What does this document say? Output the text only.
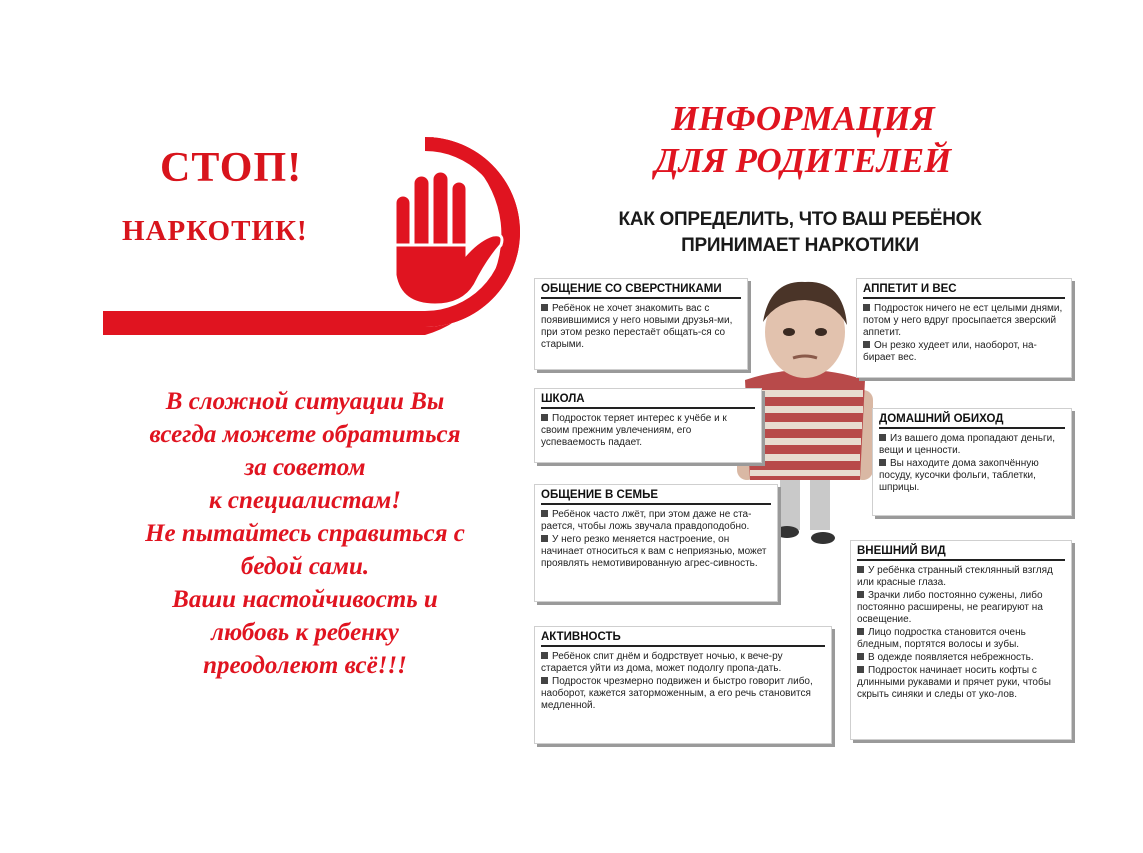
СТОП!
НАРКОТИК!

В сложной ситуации Вы
всегда можете обратиться
за советом
к специалистам!
Не пытайтесь справиться с
бедой сами.
Ваши настойчивость и
любовь к ребенку
преодолеют всё!!!

ИНФОРМАЦИЯ
ДЛЯ РОДИТЕЛЕЙ
КАК ОПРЕДЕЛИТЬ, ЧТО ВАШ РЕБЁНОК
ПРИНИМАЕТ НАРКОТИКИ
ОБЩЕНИЕ СО СВЕРСТНИКАМИ

Ребёнок не хочет знакомить вас с появившимися у него новыми друзья-ми, при этом резко перестаёт общать-ся со старыми.

ШКОЛА

Подросток теряет интерес к учёбе и к своим прежним увлечениям, его успеваемость падает.

ОБЩЕНИЕ В СЕМЬЕ

Ребёнок часто лжёт, при этом даже не ста-рается, чтобы ложь звучала правдоподобно.

У него резко меняется настроение, он начинает относиться к вам с неприязнью, может проявлять немотивированную агрес-сивность.

АКТИВНОСТЬ

Ребёнок спит днём и бодрствует ночью, к вече-ру старается уйти из дома, может подолгу пропа-дать.

Подросток чрезмерно подвижен и быстро говорит либо, наоборот, кажется заторможенным, а его речь становится медленной.

АППЕТИТ И ВЕС

Подросток ничего не ест целыми днями, потом у него вдруг просыпается зверский аппетит.

Он резко худеет или, наоборот, на-бирает вес.

ДОМАШНИЙ ОБИХОД

Из вашего дома пропадают деньги, вещи и ценности.

Вы находите дома закопчённую посуду, кусочки фольги, таблетки, шприцы.

ВНЕШНИЙ ВИД

У ребёнка странный стеклянный взгляд или красные глаза.

Зрачки либо постоянно сужены, либо постоянно расширены, не реагируют на освещение.

Лицо подростка становится очень бледным, портятся волосы и зубы.

В одежде появляется небрежность.

Подросток начинает носить кофты с длинными рукавами и прячет руки, чтобы скрыть синяки и следы от уко-лов.
